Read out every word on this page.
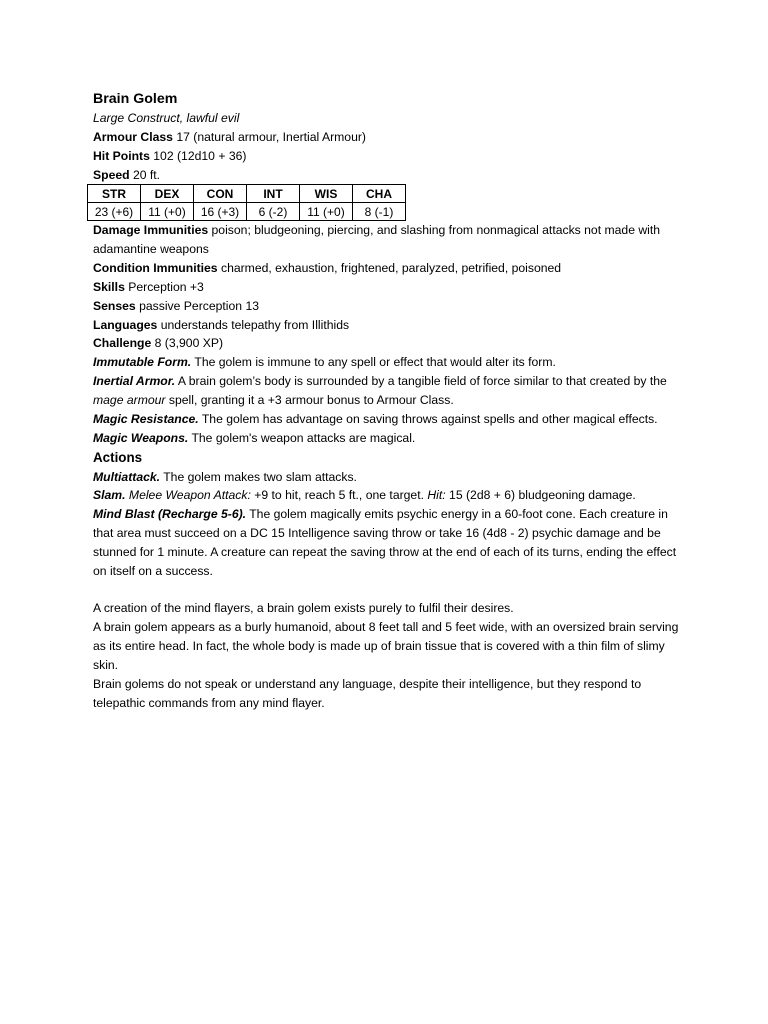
Brain Golem

Large Construct, lawful evil

Armour Class 17 (natural armour, Inertial Armour)

Hit Points 102 (12d10 + 36)

Speed 20 ft.

STR	DEX	CON	INT	WIS	CHA
23 (+6)	11 (+0)	16 (+3)	6 (-2)	11 (+0)	8 (-1)

Damage Immunities poison; bludgeoning, piercing, and slashing from nonmagical attacks not made with adamantine weapons

Condition Immunities charmed, exhaustion, frightened, paralyzed, petrified, poisoned

Skills Perception +3

Senses passive Perception 13

Languages understands telepathy from Illithids

Challenge 8 (3,900 XP)

Immutable Form. The golem is immune to any spell or effect that would alter its form.

Inertial Armor. A brain golem’s body is surrounded by a tangible field of force similar to that created by the mage armour spell, granting it a +3 armour bonus to Armour Class.

Magic Resistance. The golem has advantage on saving throws against spells and other magical effects.

Magic Weapons. The golem's weapon attacks are magical.

Actions

Multiattack. The golem makes two slam attacks.

Slam. Melee Weapon Attack: +9 to hit, reach 5 ft., one target. Hit: 15 (2d8 + 6) bludgeoning damage.

Mind Blast (Recharge 5-6). The golem magically emits psychic energy in a 60-foot cone. Each creature in that area must succeed on a DC 15 Intelligence saving throw or take 16 (4d8 - 2) psychic damage and be stunned for 1 minute. A creature can repeat the saving throw at the end of each of its turns, ending the effect on itself on a success.

A creation of the mind flayers, a brain golem exists purely to fulfil their desires.

A brain golem appears as a burly humanoid, about 8 feet tall and 5 feet wide, with an oversized brain serving as its entire head. In fact, the whole body is made up of brain tissue that is covered with a thin film of slimy skin.

Brain golems do not speak or understand any language, despite their intelligence, but they respond to telepathic commands from any mind flayer.
